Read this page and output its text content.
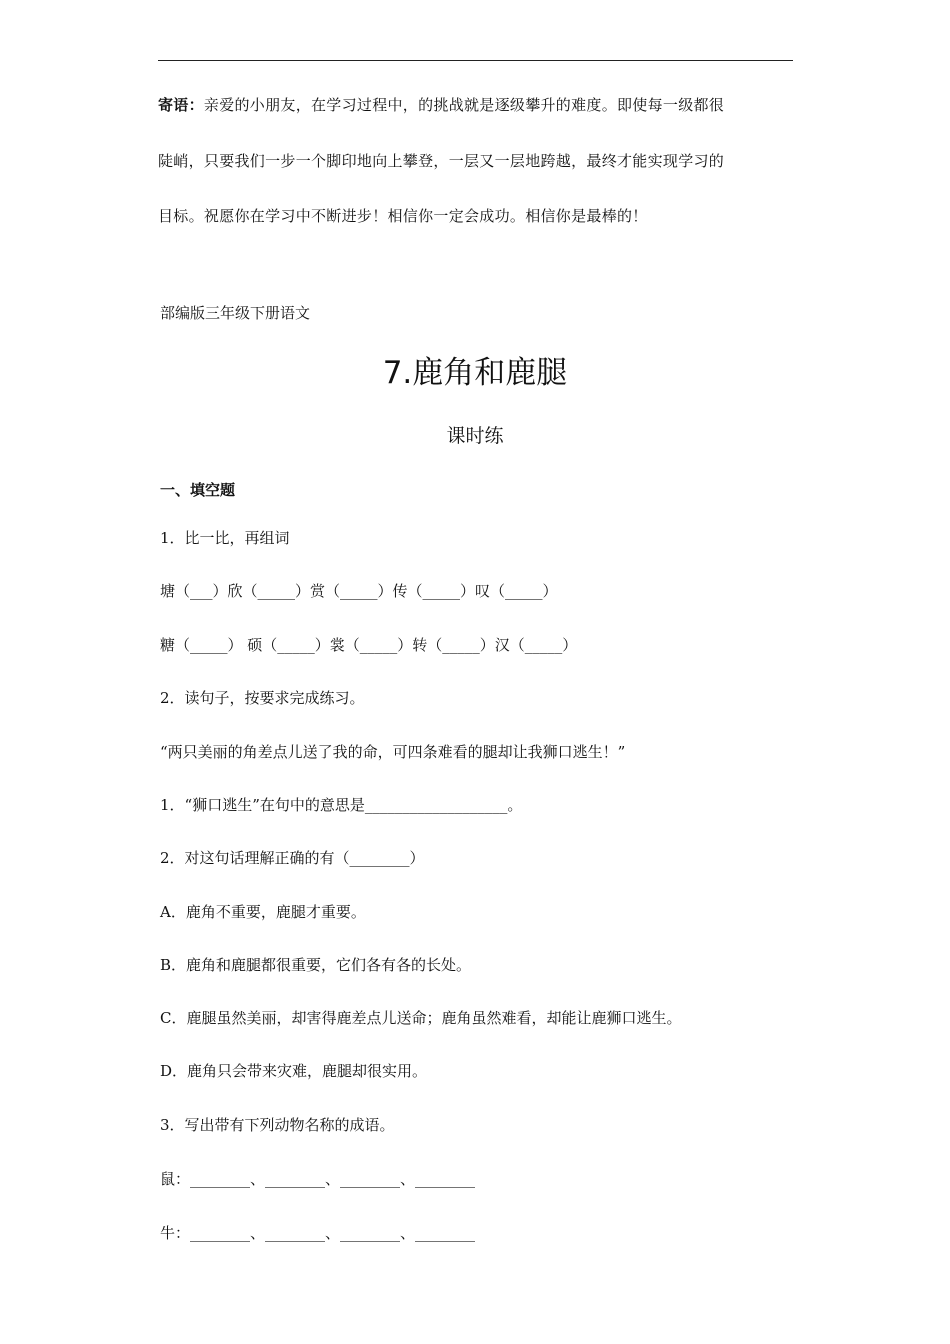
寄语：亲爱的小朋友，在学习过程中，的挑战就是逐级攀升的难度。即使每一级都很
陡峭，只要我们一步一个脚印地向上攀登，一层又一层地跨越，最终才能实现学习的
目标。祝愿你在学习中不断进步！相信你一定会成功。相信你是最棒的！
部编版三年级下册语文
7.鹿角和鹿腿
课时练
一、填空题
1．比一比，再组词
塘（___）欣（_____）赏（_____）传（_____）叹（_____）
糖（_____） 硕（_____）裳（_____）转（_____）汉（_____）
2．读句子，按要求完成练习。
“两只美丽的角差点儿送了我的命，可四条难看的腿却让我狮口逃生！”
1．“狮口逃生”在句中的意思是___________________。
2．对这句话理解正确的有（________）
A．鹿角不重要，鹿腿才重要。
B．鹿角和鹿腿都很重要，它们各有各的长处。
C．鹿腿虽然美丽，却害得鹿差点儿送命；鹿角虽然难看，却能让鹿狮口逃生。
D．鹿角只会带来灾难，鹿腿却很实用。
3．写出带有下列动物名称的成语。
鼠：________、________、________、________
牛：________、________、________、________
